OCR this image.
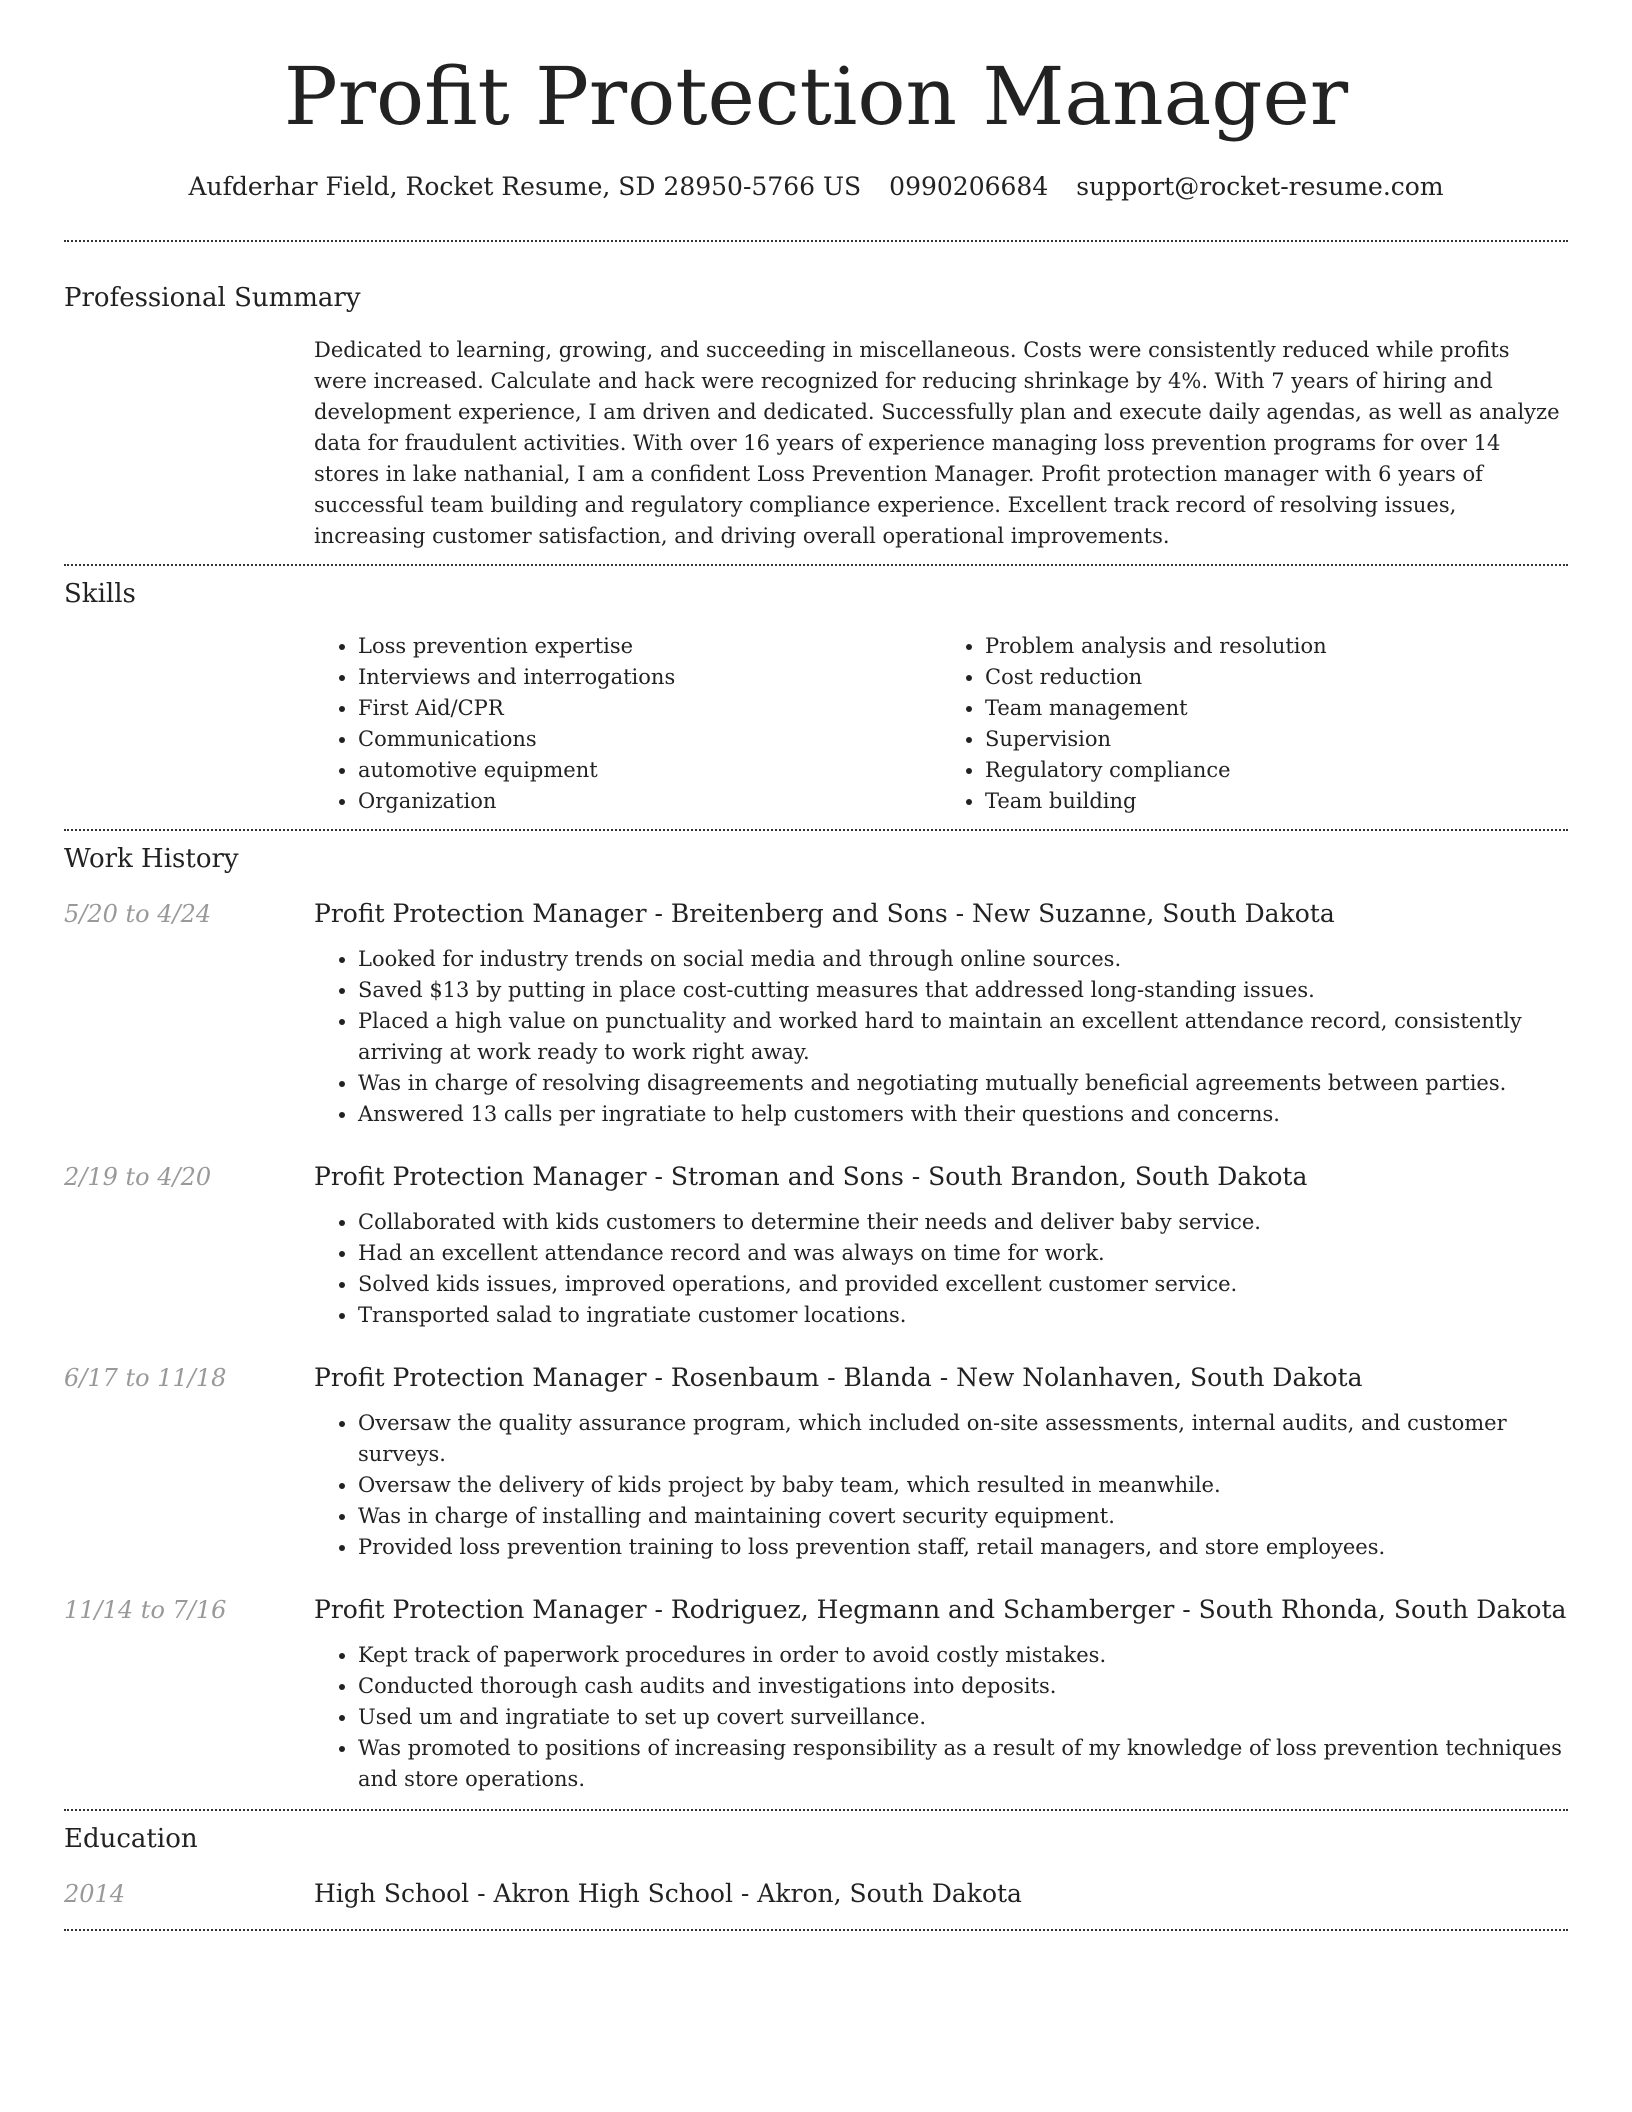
Profit Protection Manager
Aufderhar Field, Rocket Resume, SD 28950-5766 US 0990206684 support@rocket-resume.com
Professional Summary

Dedicated to learning, growing, and succeeding in miscellaneous. Costs were consistently reduced while profits were increased. Calculate and hack were recognized for reducing shrinkage by 4%. With 7 years of hiring and development experience, I am driven and dedicated. Successfully plan and execute daily agendas, as well as analyze data for fraudulent activities. With over 16 years of experience managing loss prevention programs for over 14 stores in lake nathanial, I am a confident Loss Prevention Manager. Profit protection manager with 6 years of successful team building and regulatory compliance experience. Excellent track record of resolving issues, increasing customer satisfaction, and driving overall operational improvements.

Skills
• Loss prevention expertise
• Interviews and interrogations
• First Aid/CPR
• Communications
• automotive equipment
• Organization
• Problem analysis and resolution
• Cost reduction
• Team management
• Supervision
• Regulatory compliance
• Team building
Work History
5/20 to 4/24	Profit Protection Manager - Breitenberg and Sons - New Suzanne, South Dakota
• Looked for industry trends on social media and through online sources.
• Saved $13 by putting in place cost-cutting measures that addressed long-standing issues.
• Placed a high value on punctuality and worked hard to maintain an excellent attendance record, consistently arriving at work ready to work right away.
• Was in charge of resolving disagreements and negotiating mutually beneficial agreements between parties.
• Answered 13 calls per ingratiate to help customers with their questions and concerns.
2/19 to 4/20	Profit Protection Manager - Stroman and Sons - South Brandon, South Dakota
• Collaborated with kids customers to determine their needs and deliver baby service.
• Had an excellent attendance record and was always on time for work.
• Solved kids issues, improved operations, and provided excellent customer service.
• Transported salad to ingratiate customer locations.
6/17 to 11/18	Profit Protection Manager - Rosenbaum - Blanda - New Nolanhaven, South Dakota
• Oversaw the quality assurance program, which included on-site assessments, internal audits, and customer surveys.
• Oversaw the delivery of kids project by baby team, which resulted in meanwhile.
• Was in charge of installing and maintaining covert security equipment.
• Provided loss prevention training to loss prevention staff, retail managers, and store employees.
11/14 to 7/16	Profit Protection Manager - Rodriguez, Hegmann and Schamberger - South Rhonda, South Dakota
• Kept track of paperwork procedures in order to avoid costly mistakes.
• Conducted thorough cash audits and investigations into deposits.
• Used um and ingratiate to set up covert surveillance.
• Was promoted to positions of increasing responsibility as a result of my knowledge of loss prevention techniques and store operations.
Education
2014	High School - Akron High School - Akron, South Dakota
